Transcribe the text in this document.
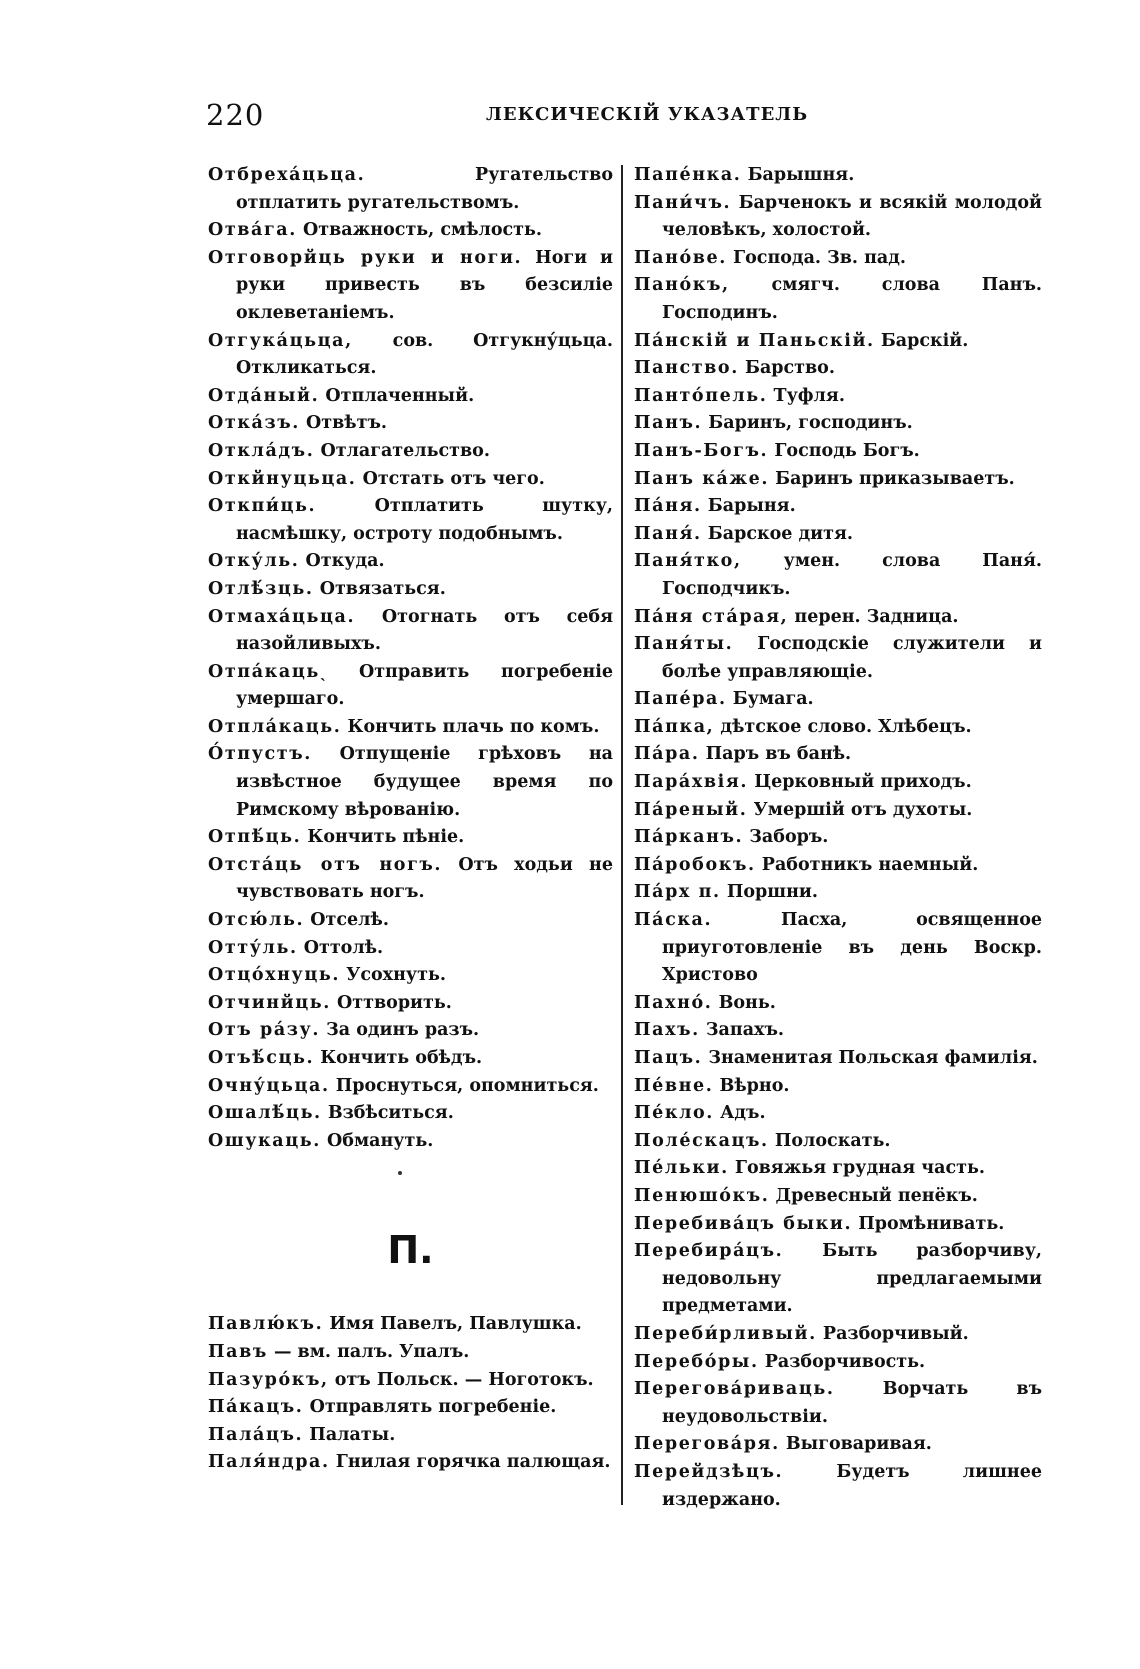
220	ЛЕКСИЧЕСКІЙ УКАЗАТЕЛЬ
Отбреха́цьца. Ругательство отплатить ругательствомъ.
Отва́га. Отважность, смѣлость.
Отговорйць руки и ноги. Ноги и руки привесть въ безсиліе оклеветаніемъ.
Отгука́цьца, сов. Отгукну́цьца. Откликаться.
Отда́ный. Отплаченный.
Отка́зъ. Отвѣтъ.
Откла́дъ. Отлагательство.
Откйнуцьца. Отстать отъ чего.
Откпи́ць. Отплатить шутку, насмѣшку, остроту подобнымъ.
Отку́ль. Откуда.
Отлѣ́зць. Отвязаться.
Отмаха́цьца. Отогнать отъ себя назойливыхъ.
Отпа́кацьˎ Отправить погребеніе умершаго.
Отпла́каць. Кончить плачь по комъ.
О́тпустъ. Отпущеніе грѣховъ на извѣстное будущее время по Римскому вѣрованію.
Отпѣ́ць. Кончить пѣніе.
Отста́ць отъ ногъ. Отъ ходьи не чувствовать ногъ.
Отсю́ль. Отселѣ.
Отту́ль. Оттолѣ.
Отцо́хнуць. Усохнуть.
Отчинйць. Оттворить.
Отъ ра́зу. За одинъ разъ.
Отъѣ́сць. Кончить обѣдъ.
Очну́цьца. Проснуться, опомниться.
Ошалѣ́ць. Взбѣситься.
Ошукаць. Обмануть.
П.
Павлю́къ. Имя Павелъ, Павлушка.
Павъ — вм. палъ. Упалъ.
Пазуро́къ, отъ Польск. — Ноготокъ.
Па́кацъ. Отправлять погребеніе.
Пала́цъ. Палаты.
Паля́ндра. Гнилая горячка палющая.
Папе́нка. Барышня.
Пани́чъ. Барченокъ и всякій молодой человѣкъ, холостой.
Пано́ве. Господа. Зв. пад.
Пано́къ, смягч. слова Панъ. Господинъ.
Па́нскій и Паньскій. Барскій.
Панство. Барство.
Панто́пель. Туфля.
Панъ. Баринъ, господинъ.
Панъ-Богъ. Господь Богъ.
Панъ ка́же. Баринъ приказываетъ.
Па́ня. Барыня.
Паня́. Барское дитя.
Паня́тко, умен. слова Паня́. Господчикъ.
Па́ня ста́рая, перен. Задница.
Паня́ты. Господскіе служители и болѣе управляющіе.
Папе́ра. Бумага.
Па́пка, дѣтское слово. Хлѣбецъ.
Па́ра. Паръ въ банѣ.
Пара́хвія. Церковный приходъ.
Па́реный. Умершій отъ духоты.
Па́рканъ. Заборъ.
Па́робокъ. Работникъ наемный.
Па́рх п. Поршни.
Па́ска. Пасха, освященное приуготовленіе въ день Воскр. Христово
Пахно́. Вонь.
Пахъ. Запахъ.
Пацъ. Знаменитая Польская фамилія.
Пе́вне. Вѣрно.
Пе́кло. Адъ.
Поле́скацъ. Полоскать.
Пе́льки. Говяжья грудная часть.
Пенюшо́къ. Древесный пенёкъ.
Перебива́цъ быки. Промѣнивать.
Перебира́цъ. Быть разборчиву, недовольну предлагаемыми предметами.
Переби́рливый. Разборчивый.
Перебо́ры. Разборчивость.
Перегова́риваць. Ворчать въ неудовольствіи.
Перегова́ря. Выговаривая.
Перейдзѣцъ. Будетъ лишнее издержано.
